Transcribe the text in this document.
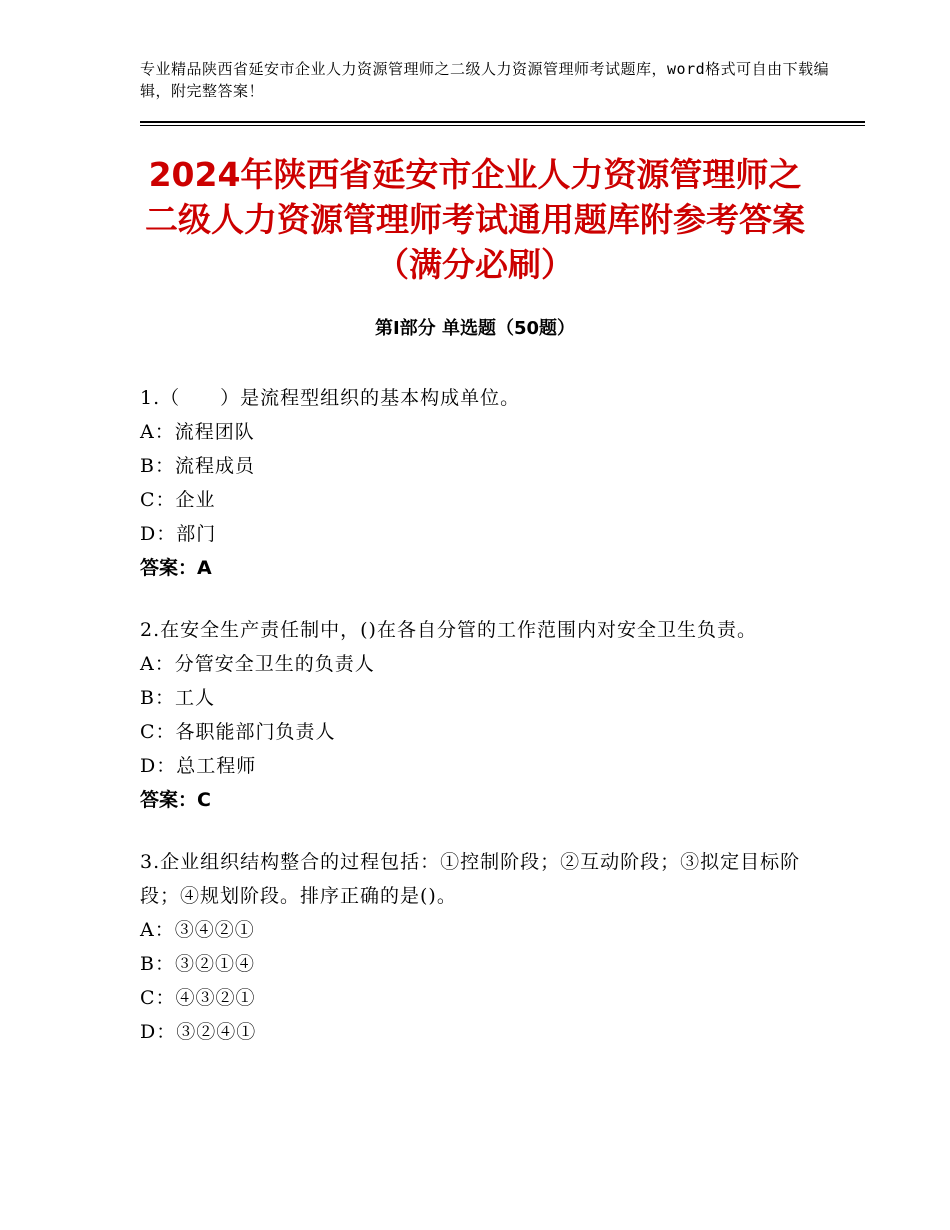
专业精品陕西省延安市企业人力资源管理师之二级人力资源管理师考试题库，word格式可自由下载编辑，附完整答案！
2024年陕西省延安市企业人力资源管理师之二级人力资源管理师考试通用题库附参考答案（满分必刷）
第Ⅰ部分 单选题（50题）

1.（　　）是流程型组织的基本构成单位。

A：流程团队

B：流程成员

C：企业

D：部门

答案：A

2.在安全生产责任制中，()在各自分管的工作范围内对安全卫生负责。

A：分管安全卫生的负责人

B：工人

C：各职能部门负责人

D：总工程师

答案：C

3.企业组织结构整合的过程包括：①控制阶段；②互动阶段；③拟定目标阶段；④规划阶段。排序正确的是()。

A：③④②①

B：③②①④

C：④③②①

D：③②④①
